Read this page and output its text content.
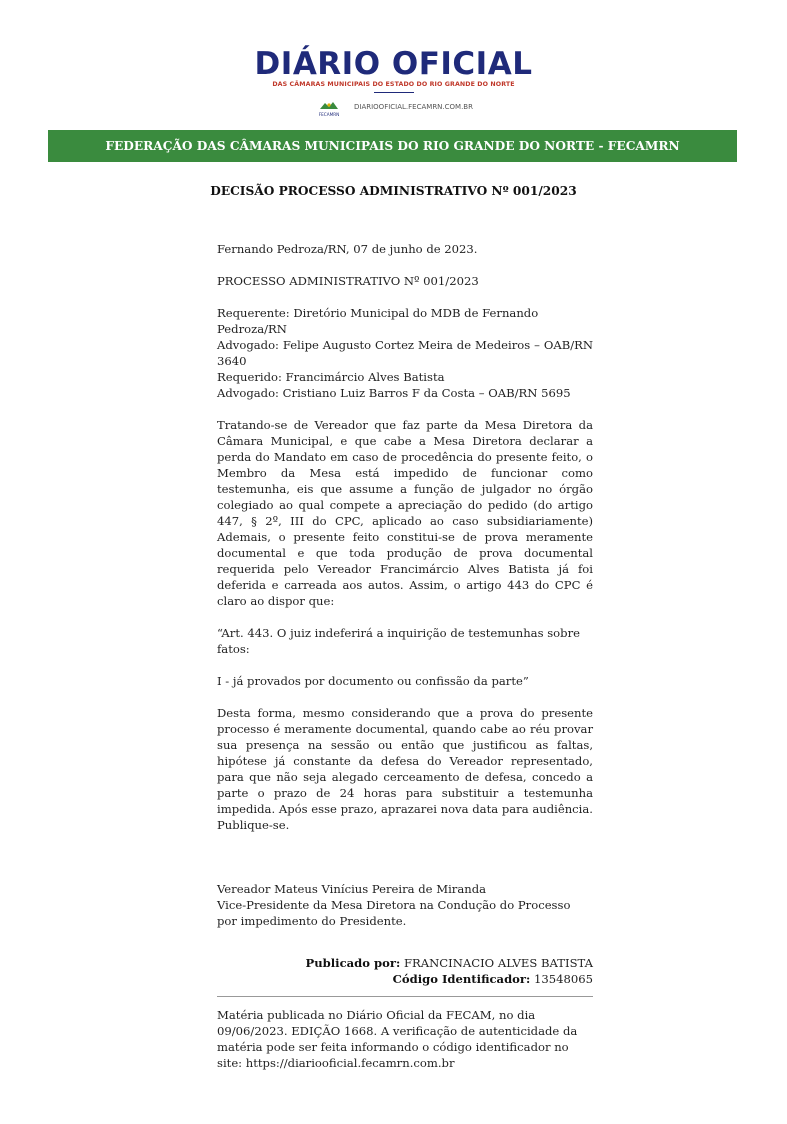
DIÁRIO OFICIAL
DAS CÂMARAS MUNICIPAIS DO ESTADO DO RIO GRANDE DO NORTE
FECAMRN
DIARIOOFICIAL.FECAMRN.COM.BR
FEDERAÇÃO DAS CÂMARAS MUNICIPAIS DO RIO GRANDE DO NORTE - FECAMRN
DECISÃO PROCESSO ADMINISTRATIVO Nº 001/2023

Fernando Pedroza/RN, 07 de junho de 2023.

PROCESSO ADMINISTRATIVO Nº 001/2023

Requerente: Diretório Municipal do MDB de Fernando Pedroza/RN
Advogado: Felipe Augusto Cortez Meira de Medeiros – OAB/RN 3640
Requerido: Francimárcio Alves Batista
Advogado: Cristiano Luiz Barros F da Costa – OAB/RN 5695

Tratando-se de Vereador que faz parte da Mesa Diretora da Câmara Municipal, e que cabe a Mesa Diretora declarar a perda do Mandato em caso de procedência do presente feito, o Membro da Mesa está impedido de funcionar como testemunha, eis que assume a função de julgador no órgão colegiado ao qual compete a apreciação do pedido (do artigo 447, § 2º, III do CPC, aplicado ao caso subsidiariamente) Ademais, o presente feito constitui-se de prova meramente documental e que toda produção de prova documental requerida pelo Vereador Francimárcio Alves Batista já foi deferida e carreada aos autos. Assim, o artigo 443 do CPC é claro ao dispor que:

“Art. 443. O juiz indeferirá a inquirição de testemunhas sobre fatos:

I - já provados por documento ou confissão da parte”

Desta forma, mesmo considerando que a prova do presente processo é meramente documental, quando cabe ao réu provar sua presença na sessão ou então que justificou as faltas, hipótese já constante da defesa do Vereador representado, para que não seja alegado cerceamento de defesa, concedo a parte o prazo de 24 horas para substituir a testemunha impedida. Após esse prazo, aprazarei nova data para audiência. Publique-se.

Vereador Mateus Vinícius Pereira de Miranda
Vice-Presidente da Mesa Diretora na Condução do Processo
por impedimento do Presidente.
Publicado por: FRANCINACIO ALVES BATISTA
Código Identificador: 13548065

Matéria publicada no Diário Oficial da FECAM, no dia 09/06/2023. EDIÇÃO 1668. A verificação de autenticidade da matéria pode ser feita informando o código identificador no site: https://diariooficial.fecamrn.com.br
